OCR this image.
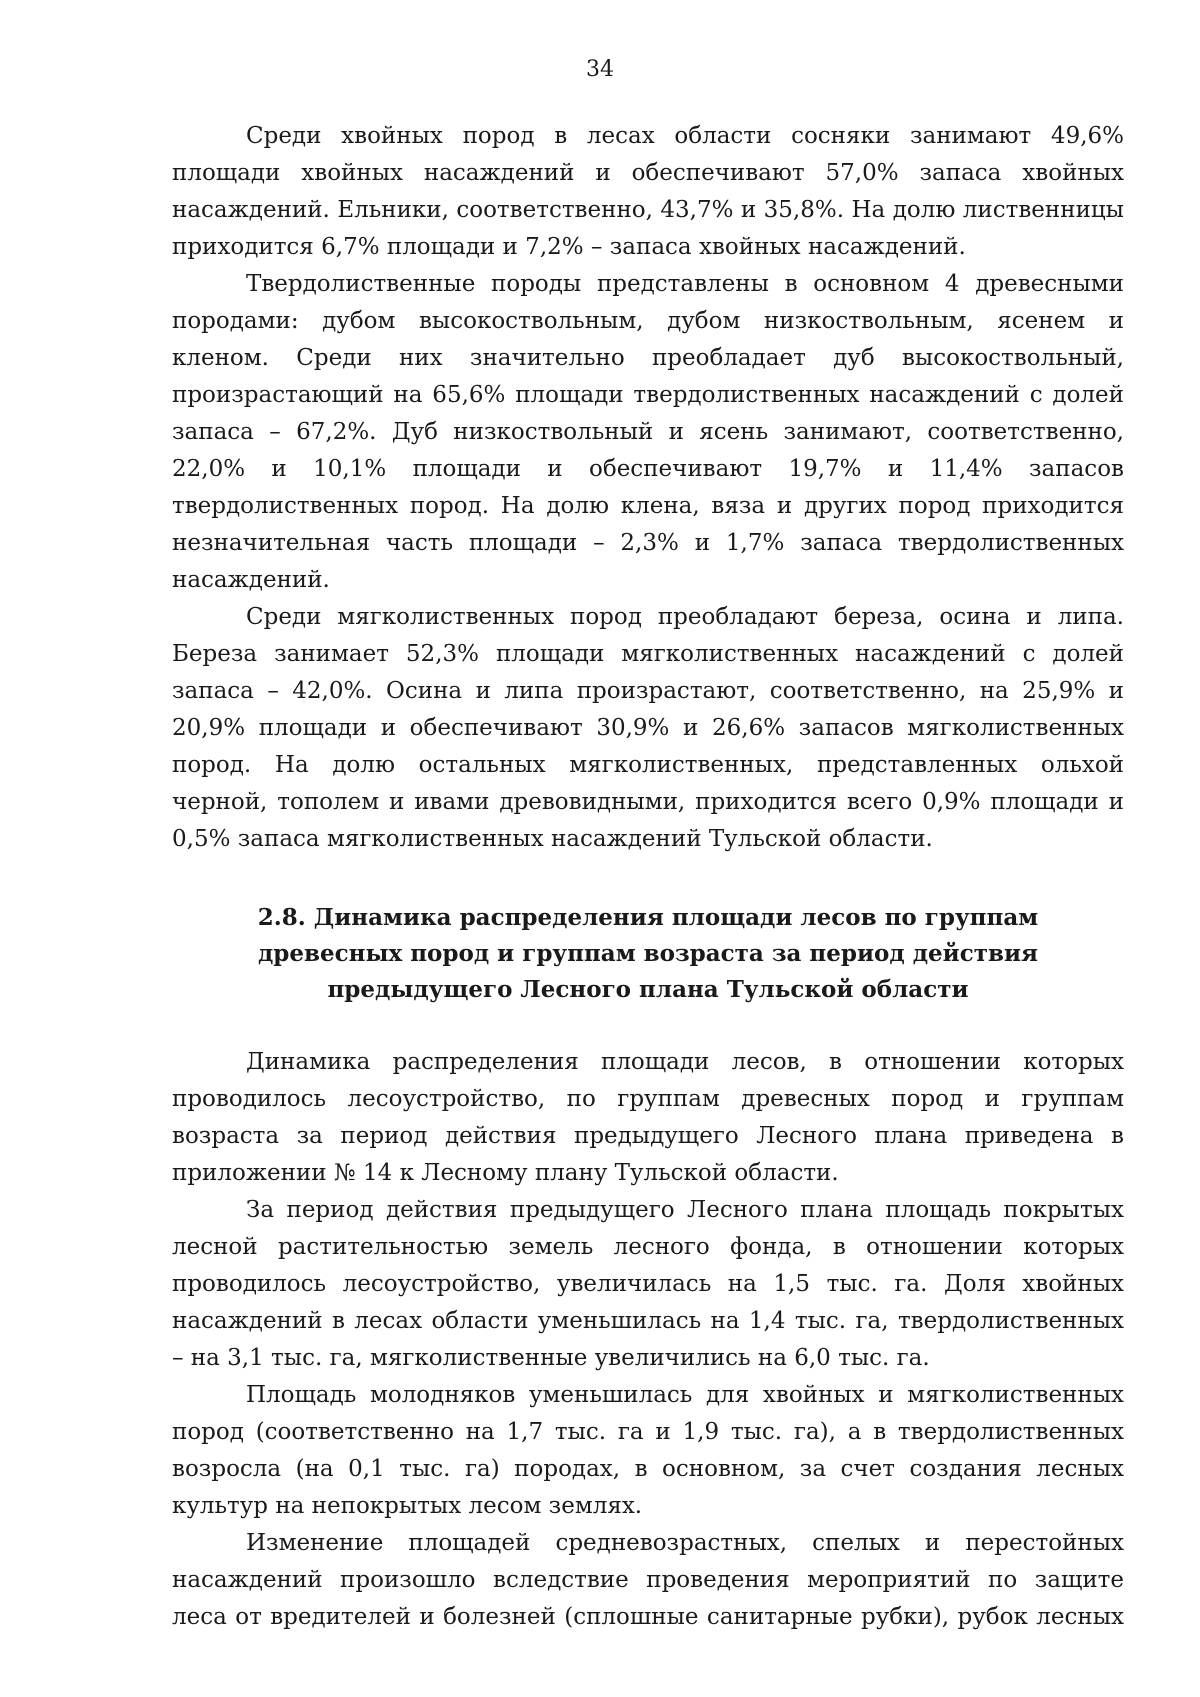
34

Среди хвойных пород в лесах области сосняки занимают 49,6% площади хвойных насаждений и обеспечивают 57,0% запаса хвойных насаждений. Ельники, соответственно, 43,7% и 35,8%. На долю лиственницы приходится 6,7% площади и 7,2% – запаса хвойных насаждений.

Твердолиственные породы представлены в основном 4 древесными породами: дубом высокоствольным, дубом низкоствольным, ясенем и кленом. Среди них значительно преобладает дуб высокоствольный, произрастающий на 65,6% площади твердолиственных насаждений с долей запаса – 67,2%. Дуб низкоствольный и ясень занимают, соответственно, 22,0% и 10,1% площади и обеспечивают 19,7% и 11,4% запасов твердолиственных пород. На долю клена, вяза и других пород приходится незначительная часть площади – 2,3% и 1,7% запаса твердолиственных насаждений.

Среди мягколиственных пород преобладают береза, осина и липа. Береза занимает 52,3% площади мягколиственных насаждений с долей запаса – 42,0%. Осина и липа произрастают, соответственно, на 25,9% и 20,9% площади и обеспечивают 30,9% и 26,6% запасов мягколиственных пород. На долю остальных мягколиственных, представленных ольхой черной, тополем и ивами древовидными, приходится всего 0,9% площади и 0,5% запаса мягколиственных насаждений Тульской области.

2.8. Динамика распределения площади лесов по группам древесных пород и группам возраста за период действия предыдущего Лесного плана Тульской области

Динамика распределения площади лесов, в отношении которых проводилось лесоустройство, по группам древесных пород и группам возраста за период действия предыдущего Лесного плана приведена в приложении № 14 к Лесному плану Тульской области.

За период действия предыдущего Лесного плана площадь покрытых лесной растительностью земель лесного фонда, в отношении которых проводилось лесоустройство, увеличилась на 1,5 тыс. га. Доля хвойных насаждений в лесах области уменьшилась на 1,4 тыс. га, твердолиственных – на 3,1 тыс. га, мягколиственные увеличились на 6,0 тыс. га.

Площадь молодняков уменьшилась для хвойных и мягколиственных пород (соответственно на 1,7 тыс. га и 1,9 тыс. га), а в твердолиственных возросла (на 0,1 тыс. га) породах, в основном, за счет создания лесных культур на непокрытых лесом землях.

Изменение площадей средневозрастных, спелых и перестойных насаждений произошло вследствие проведения мероприятий по защите леса от вредителей и болезней (сплошные санитарные рубки), рубок лесных
